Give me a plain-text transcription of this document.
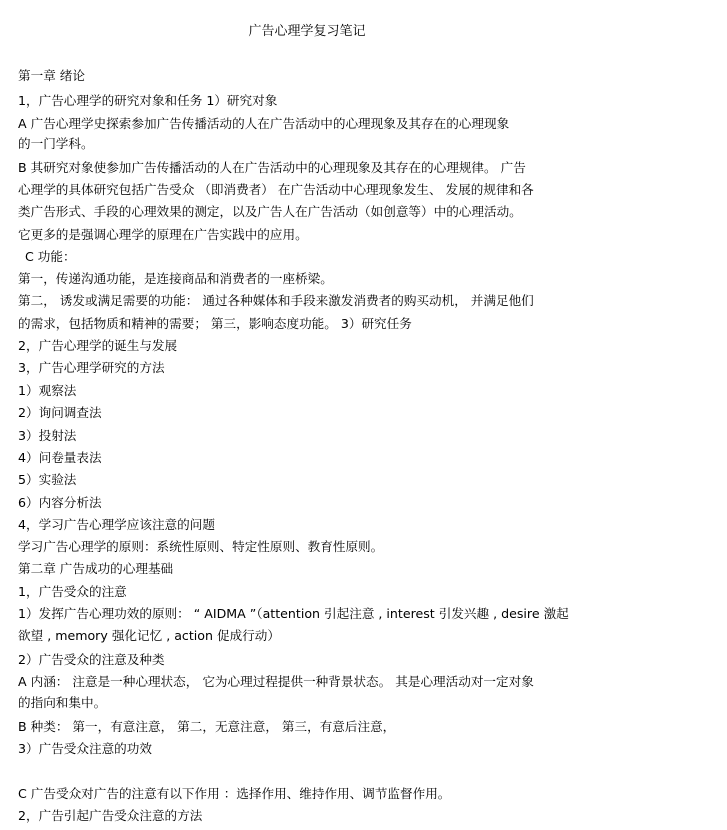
广告心理学复习笔记
第一章 绪论
1，广告心理学的研究对象和任务 1）研究对象
A 广告心理学史探索参加广告传播活动的人在广告活动中的心理现象及其存在的心理现象
的一门学科。
B 其研究对象使参加广告传播活动的人在广告活动中的心理现象及其存在的心理规律。 广告
心理学的具体研究包括广告受众 （即消费者） 在广告活动中心理现象发生、 发展的规律和各
类广告形式、手段的心理效果的测定，以及广告人在广告活动（如创意等）中的心理活动。
它更多的是强调心理学的原理在广告实践中的应用。
C 功能：
第一，传递沟通功能，是连接商品和消费者的一座桥梁。
第二， 诱发或满足需要的功能： 通过各种媒体和手段来激发消费者的购买动机， 并满足他们
的需求，包括物质和精神的需要； 第三，影响态度功能。 3）研究任务
2，广告心理学的诞生与发展
3，广告心理学研究的方法
1）观察法
2）询问调查法
3）投射法
4）问卷量表法
5）实验法
6）内容分析法
4，学习广告心理学应该注意的问题
学习广告心理学的原则：系统性原则、特定性原则、教育性原则。
第二章 广告成功的心理基础
1，广告受众的注意
1）发挥广告心理功效的原则： “ AIDMA ”（attention 引起注意 , interest 引发兴趣 , desire 激起
欲望 , memory 强化记忆 , action 促成行动）
2）广告受众的注意及种类
A 内涵： 注意是一种心理状态， 它为心理过程提供一种背景状态。 其是心理活动对一定对象
的指向和集中。
B 种类： 第一，有意注意， 第二，无意注意， 第三，有意后注意，
3）广告受众注意的功效
C 广告受众对广告的注意有以下作用 ：选择作用、维持作用、调节监督作用。
2，广告引起广告受众注意的方法
